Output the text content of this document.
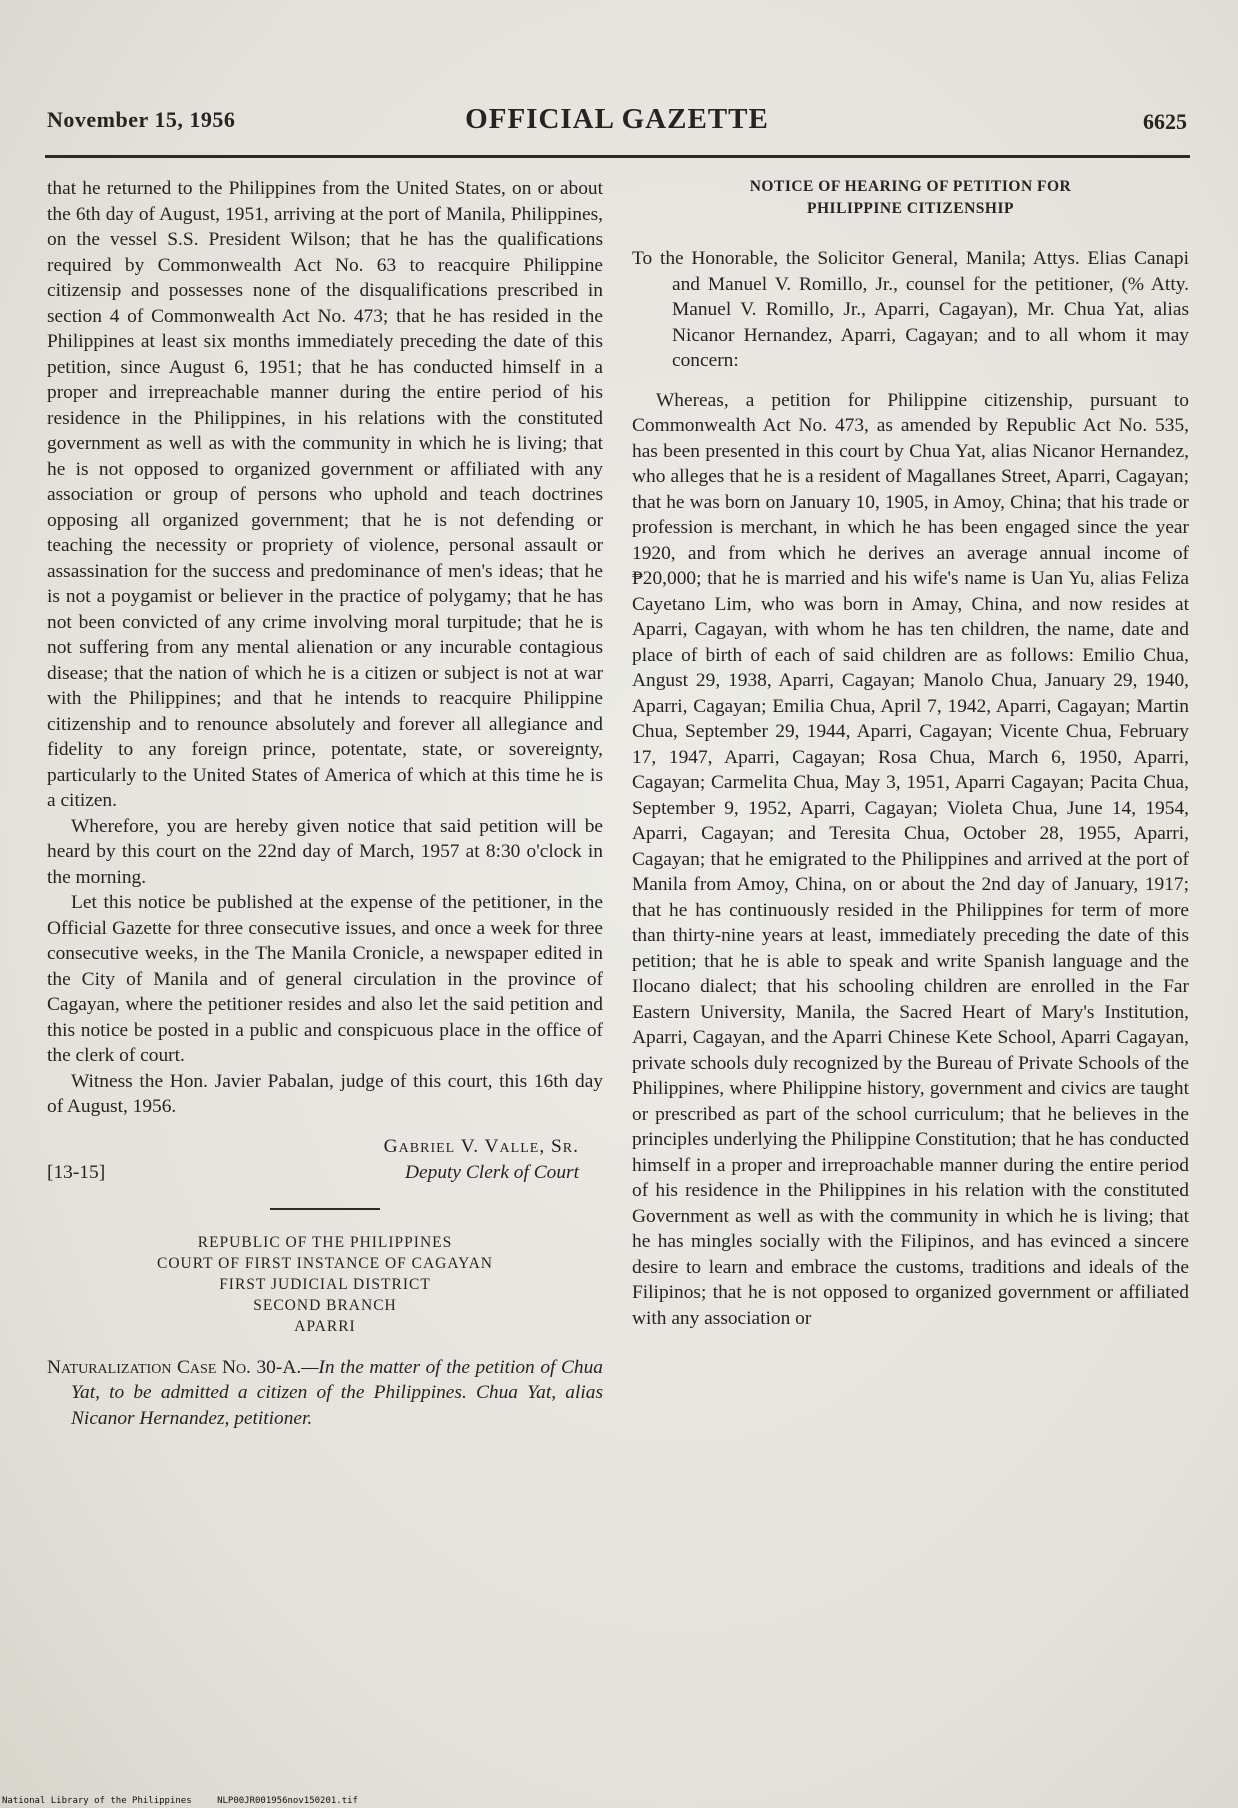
November 15, 1956	OFFICIAL GAZETTE	6625

that he returned to the Philippines from the United States, on or about the 6th day of August, 1951, arriving at the port of Manila, Philippines, on the vessel S.S. President Wilson; that he has the qualifications required by Commonwealth Act No. 63 to reacquire Philippine citizensip and possesses none of the disqualifications prescribed in section 4 of Commonwealth Act No. 473; that he has resided in the Philippines at least six months immediately preceding the date of this petition, since August 6, 1951; that he has conducted himself in a proper and irrepreachable manner during the entire period of his residence in the Philippines, in his relations with the constituted government as well as with the community in which he is living; that he is not opposed to organized government or affiliated with any association or group of persons who uphold and teach doctrines opposing all organized government; that he is not defending or teaching the necessity or propriety of violence, personal assault or assassination for the success and predominance of men's ideas; that he is not a poygamist or believer in the practice of polygamy; that he has not been convicted of any crime involving moral turpitude; that he is not suffering from any mental alienation or any incurable contagious disease; that the nation of which he is a citizen or subject is not at war with the Philippines; and that he intends to reacquire Philippine citizenship and to renounce absolutely and forever all allegiance and fidelity to any foreign prince, potentate, state, or sovereignty, particularly to the United States of America of which at this time he is a citizen.

Wherefore, you are hereby given notice that said petition will be heard by this court on the 22nd day of March, 1957 at 8:30 o'clock in the morning.

Let this notice be published at the expense of the petitioner, in the Official Gazette for three consecutive issues, and once a week for three consecutive weeks, in the The Manila Cronicle, a newspaper edited in the City of Manila and of general circulation in the province of Cagayan, where the petitioner resides and also let the said petition and this notice be posted in a public and conspicuous place in the office of the clerk of court.

Witness the Hon. Javier Pabalan, judge of this court, this 16th day of August, 1956.

Gabriel V. Valle, Sr.
[13-15]	Deputy Clerk of Court
REPUBLIC OF THE PHILIPPINES
COURT OF FIRST INSTANCE OF CAGAYAN
FIRST JUDICIAL DISTRICT
SECOND BRANCH
APARRI

Naturalization Case No. 30-A.—In the matter of the petition of Chua Yat, to be admitted a citizen of the Philippines. Chua Yat, alias Nicanor Hernandez, petitioner.

NOTICE OF HEARING OF PETITION FOR
PHILIPPINE CITIZENSHIP

To the Honorable, the Solicitor General, Manila; Attys. Elias Canapi and Manuel V. Romillo, Jr., counsel for the petitioner, (% Atty. Manuel V. Romillo, Jr., Aparri, Cagayan), Mr. Chua Yat, alias Nicanor Hernandez, Aparri, Cagayan; and to all whom it may concern:

Whereas, a petition for Philippine citizenship, pursuant to Commonwealth Act No. 473, as amended by Republic Act No. 535, has been presented in this court by Chua Yat, alias Nicanor Hernandez, who alleges that he is a resident of Magallanes Street, Aparri, Cagayan; that he was born on January 10, 1905, in Amoy, China; that his trade or profession is merchant, in which he has been engaged since the year 1920, and from which he derives an average annual income of ₱20,000; that he is married and his wife's name is Uan Yu, alias Feliza Cayetano Lim, who was born in Amay, China, and now resides at Aparri, Cagayan, with whom he has ten children, the name, date and place of birth of each of said children are as follows: Emilio Chua, Angust 29, 1938, Aparri, Cagayan; Manolo Chua, January 29, 1940, Aparri, Cagayan; Emilia Chua, April 7, 1942, Aparri, Cagayan; Martin Chua, September 29, 1944, Aparri, Cagayan; Vicente Chua, February 17, 1947, Aparri, Cagayan; Rosa Chua, March 6, 1950, Aparri, Cagayan; Carmelita Chua, May 3, 1951, Aparri Cagayan; Pacita Chua, September 9, 1952, Aparri, Cagayan; Violeta Chua, June 14, 1954, Aparri, Cagayan; and Teresita Chua, October 28, 1955, Aparri, Cagayan; that he emigrated to the Philippines and arrived at the port of Manila from Amoy, China, on or about the 2nd day of January, 1917; that he has continuously resided in the Philippines for term of more than thirty-nine years at least, immediately preceding the date of this petition; that he is able to speak and write Spanish language and the Ilocano dialect; that his schooling children are enrolled in the Far Eastern University, Manila, the Sacred Heart of Mary's Institution, Aparri, Cagayan, and the Aparri Chinese Kete School, Aparri Cagayan, private schools duly recognized by the Bureau of Private Schools of the Philippines, where Philippine history, government and civics are taught or prescribed as part of the school curriculum; that he believes in the principles underlying the Philippine Constitution; that he has conducted himself in a proper and irreproachable manner during the entire period of his residence in the Philippines in his relation with the constituted Government as well as with the community in which he is living; that he has mingles socially with the Filipinos, and has evinced a sincere desire to learn and embrace the customs, traditions and ideals of the Filipinos; that he is not opposed to organized government or affiliated with any association or

National Library of the Philippines	NLP00JR001956nov150201.tif
